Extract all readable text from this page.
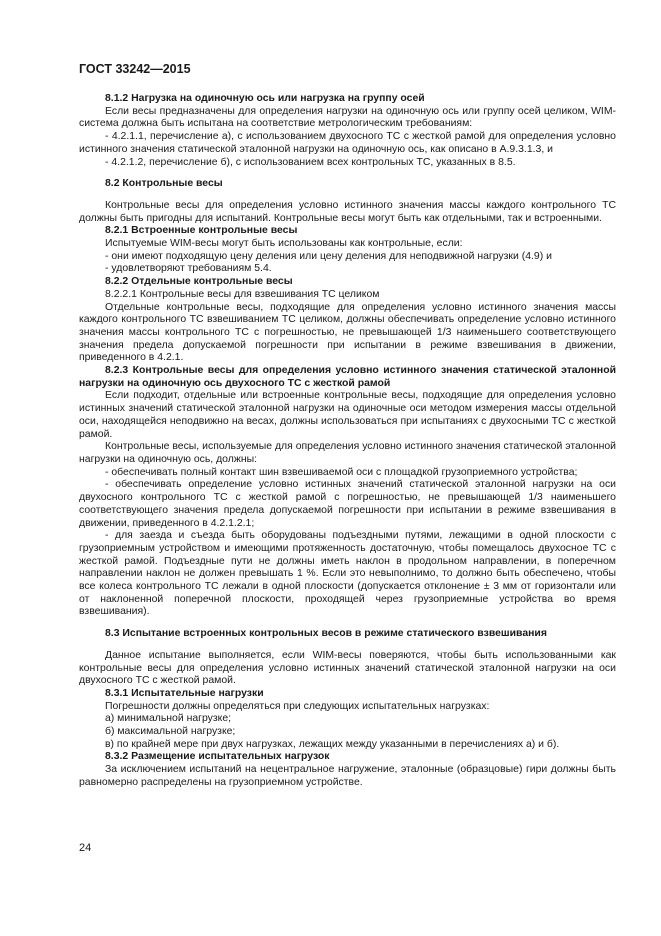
ГОСТ 33242—2015

8.1.2 Нагрузка на одиночную ось или нагрузка на группу осей

Если весы предназначены для определения нагрузки на одиночную ось или группу осей целиком, WIM-система должна быть испытана на соответствие метрологическим требованиям:

- 4.2.1.1, перечисление а), с использованием двухосного ТС с жесткой рамой для определения условно истинного значения статической эталонной нагрузки на одиночную ось, как описано в А.9.3.1.3, и

- 4.2.1.2, перечисление б), с использованием всех контрольных ТС, указанных в 8.5.

8.2 Контрольные весы

Контрольные весы для определения условно истинного значения массы каждого контрольного ТС должны быть пригодны для испытаний. Контрольные весы могут быть как отдельными, так и встроенными.

8.2.1 Встроенные контрольные весы

Испытуемые WIM-весы могут быть использованы как контрольные, если:

- они имеют подходящую цену деления или цену деления для неподвижной нагрузки (4.9) и

- удовлетворяют требованиям 5.4.

8.2.2 Отдельные контрольные весы

8.2.2.1 Контрольные весы для взвешивания ТС целиком

Отдельные контрольные весы, подходящие для определения условно истинного значения массы каждого контрольного ТС взвешиванием ТС целиком, должны обеспечивать определение условно истинного значения массы контрольного ТС с погрешностью, не превышающей 1/3 наименьшего соответствующего значения предела допускаемой погрешности при испытании в режиме взвешивания в движении, приведенного в 4.2.1.

8.2.3 Контрольные весы для определения условно истинного значения статической эталонной нагрузки на одиночную ось двухосного ТС с жесткой рамой

Если подходит, отдельные или встроенные контрольные весы, подходящие для определения условно истинных значений статической эталонной нагрузки на одиночные оси методом измерения массы отдельной оси, находящейся неподвижно на весах, должны использоваться при испытаниях с двухосными ТС с жесткой рамой.

Контрольные весы, используемые для определения условно истинного значения статической эталонной нагрузки на одиночную ось, должны:

- обеспечивать полный контакт шин взвешиваемой оси с площадкой грузоприемного устройства;

- обеспечивать определение условно истинных значений статической эталонной нагрузки на оси двухосного контрольного ТС с жесткой рамой с погрешностью, не превышающей 1/3 наименьшего соответствующего значения предела допускаемой погрешности при испытании в режиме взвешивания в движении, приведенного в 4.2.1.2.1;

- для заезда и съезда быть оборудованы подъездными путями, лежащими в одной плоскости с грузоприемным устройством и имеющими протяженность достаточную, чтобы помещалось двухосное ТС с жесткой рамой. Подъездные пути не должны иметь наклон в продольном направлении, в поперечном направлении наклон не должен превышать 1 %. Если это невыполнимо, то должно быть обеспечено, чтобы все колеса контрольного ТС лежали в одной плоскости (допускается отклонение ± 3 мм от горизонтали или от наклоненной поперечной плоскости, проходящей через грузоприемные устройства во время взвешивания).

8.3 Испытание встроенных контрольных весов в режиме статического взвешивания

Данное испытание выполняется, если WIM-весы поверяются, чтобы быть использованными как контрольные весы для определения условно истинных значений статической эталонной нагрузки на оси двухосного ТС с жесткой рамой.

8.3.1 Испытательные нагрузки

Погрешности должны определяться при следующих испытательных нагрузках:

а) минимальной нагрузке;

б) максимальной нагрузке;

в) по крайней мере при двух нагрузках, лежащих между указанными в перечислениях а) и б).

8.3.2 Размещение испытательных нагрузок

За исключением испытаний на нецентральное нагружение, эталонные (образцовые) гири должны быть равномерно распределены на грузоприемном устройстве.

24
